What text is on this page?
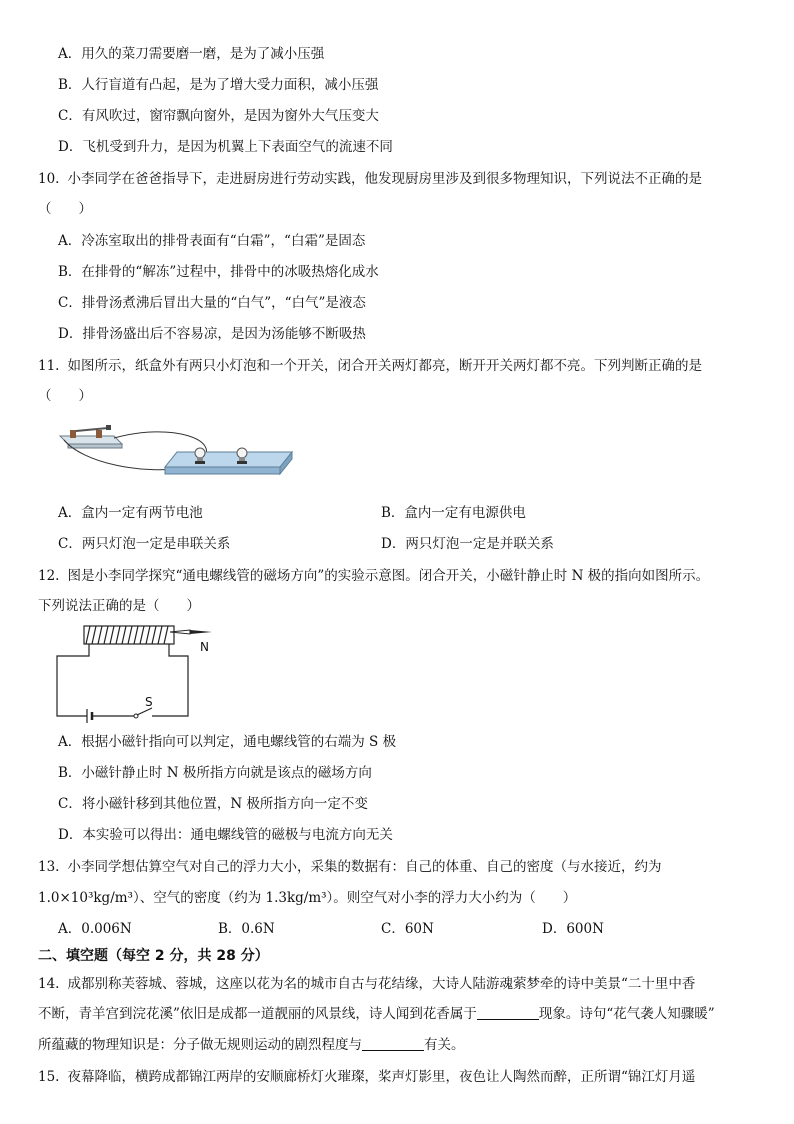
A．用久的菜刀需要磨一磨，是为了减小压强
B．人行盲道有凸起，是为了增大受力面积，减小压强
C．有风吹过，窗帘飘向窗外，是因为窗外大气压变大
D．飞机受到升力，是因为机翼上下表面空气的流速不同
10. 小李同学在爸爸指导下，走进厨房进行劳动实践，他发现厨房里涉及到很多物理知识，下列说法不正确的是
（　　）
A．冷冻室取出的排骨表面有“白霜”，“白霜”是固态
B．在排骨的“解冻”过程中，排骨中的冰吸热熔化成水
C．排骨汤煮沸后冒出大量的“白气”，“白气”是液态
D．排骨汤盛出后不容易凉，是因为汤能够不断吸热
11. 如图所示，纸盒外有两只小灯泡和一个开关，闭合开关两灯都亮，断开开关两灯都不亮。下列判断正确的是
（　　）
A．盒内一定有两节电池	B．盒内一定有电源供电
C．两只灯泡一定是串联关系	D．两只灯泡一定是并联关系
12. 图是小李同学探究“通电螺线管的磁场方向”的实验示意图。闭合开关，小磁针静止时 N 极的指向如图所示。
下列说法正确的是（　　）
N
S
A．根据小磁针指向可以判定，通电螺线管的右端为 S 极
B．小磁针静止时 N 极所指方向就是该点的磁场方向
C．将小磁针移到其他位置，N 极所指方向一定不变
D．本实验可以得出：通电螺线管的磁极与电流方向无关
13. 小李同学想估算空气对自己的浮力大小，采集的数据有：自己的体重、自己的密度（与水接近，约为
1.0×10³kg/m³）、空气的密度（约为 1.3kg/m³）。则空气对小李的浮力大小约为（　　）
A．0.006N	B．0.6N	C．60N	D．600N
二、填空题（每空 2 分，共 28 分）
14. 成都别称芙蓉城、蓉城，这座以花为名的城市自古与花结缘，大诗人陆游魂萦梦牵的诗中美景“二十里中香
不断，青羊宫到浣花溪”依旧是成都一道靓丽的风景线，诗人闻到花香属于	现象。诗句“花气袭人知骤暖”
所蕴藏的物理知识是：分子做无规则运动的剧烈程度与	有关。
15. 夜幕降临，横跨成都锦江两岸的安顺廊桥灯火璀璨，桨声灯影里，夜色让人陶然而醉，正所谓“锦江灯月遥
